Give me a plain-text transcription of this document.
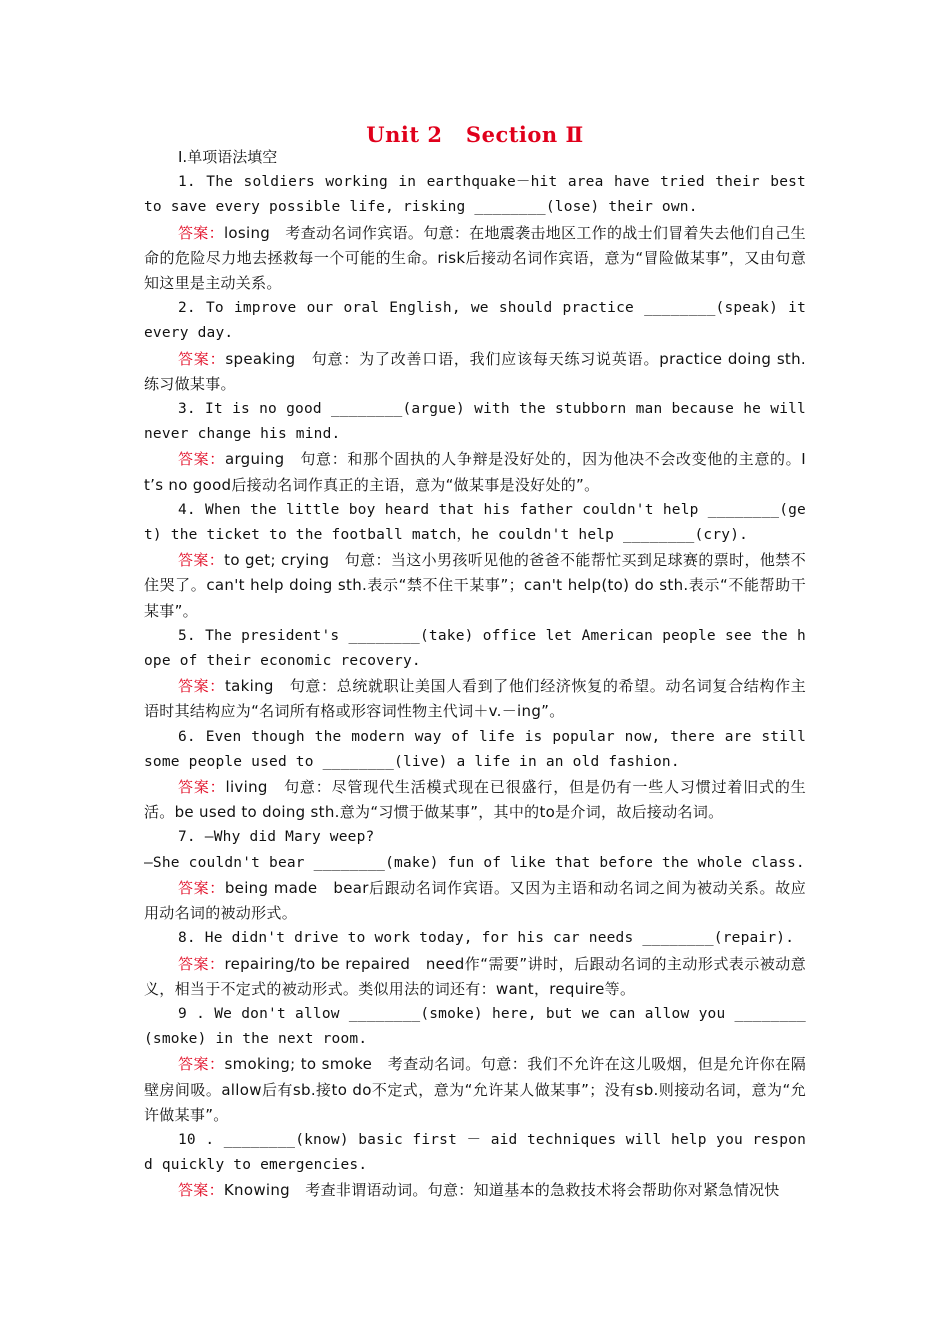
Unit 2   Section Ⅱ
Ⅰ.单项语法填空
1. The soldiers working in earthquake－hit area have tried their best to save every possible life, risking ________(lose) their own.
答案：losing　考查动名词作宾语。句意：在地震袭击地区工作的战士们冒着失去他们自己生命的危险尽力地去拯救每一个可能的生命。risk后接动名词作宾语，意为“冒险做某事”，又由句意知这里是主动关系。
2. To improve our oral English, we should practice ________(speak) it every day.
答案：speaking　句意：为了改善口语，我们应该每天练习说英语。practice doing sth.练习做某事。
3. It is no good ________(argue) with the stubborn man because he willnever change his mind.
答案：arguing　句意：和那个固执的人争辩是没好处的，因为他决不会改变他的主意的。It’s no good后接动名词作真正的主语，意为“做某事是没好处的”。
4. When the little boy heard that his father couldn't help ________(get) the ticket to the football match，he couldn't help ________(cry).
答案：to get; crying　句意：当这小男孩听见他的爸爸不能帮忙买到足球赛的票时，他禁不住哭了。can't help doing sth.表示“禁不住干某事”；can't help(to) do sth.表示“不能帮助干某事”。
5. The president's ________(take) office let American people see the hope of their economic recovery.
答案：taking　句意：总统就职让美国人看到了他们经济恢复的希望。动名词复合结构作主语时其结构应为“名词所有格或形容词性物主代词＋v.－ing”。
6. Even though the modern way of life is popular now, there are still some people used to ________(live) a life in an old fashion.
答案：living　句意：尽管现代生活模式现在已很盛行，但是仍有一些人习惯过着旧式的生活。be used to doing sth.意为“习惯于做某事”，其中的to是介词，故后接动名词。
7. —Why did Mary weep?
—She couldn't bear ________(make) fun of like that before the whole class.
答案：being made　bear后跟动名词作宾语。又因为主语和动名词之间为被动关系。故应用动名词的被动形式。
8. He didn't drive to work today, for his car needs ________(repair).
答案：repairing/to be repaired　need作“需要”讲时，后跟动名词的主动形式表示被动意义，相当于不定式的被动形式。类似用法的词还有：want，require等。
9 . We don't allow ________(smoke) here, but we can allow you ________(smoke) in the next room.
答案：smoking; to smoke　考查动名词。句意：我们不允许在这儿吸烟，但是允许你在隔壁房间吸。allow后有sb.接to do不定式，意为“允许某人做某事”；没有sb.则接动名词，意为“允许做某事”。
10 . ________(know) basic first － aid techniques will help you respond quickly to emergencies.
答案：Knowing　考查非谓语动词。句意：知道基本的急救技术将会帮助你对紧急情况快
